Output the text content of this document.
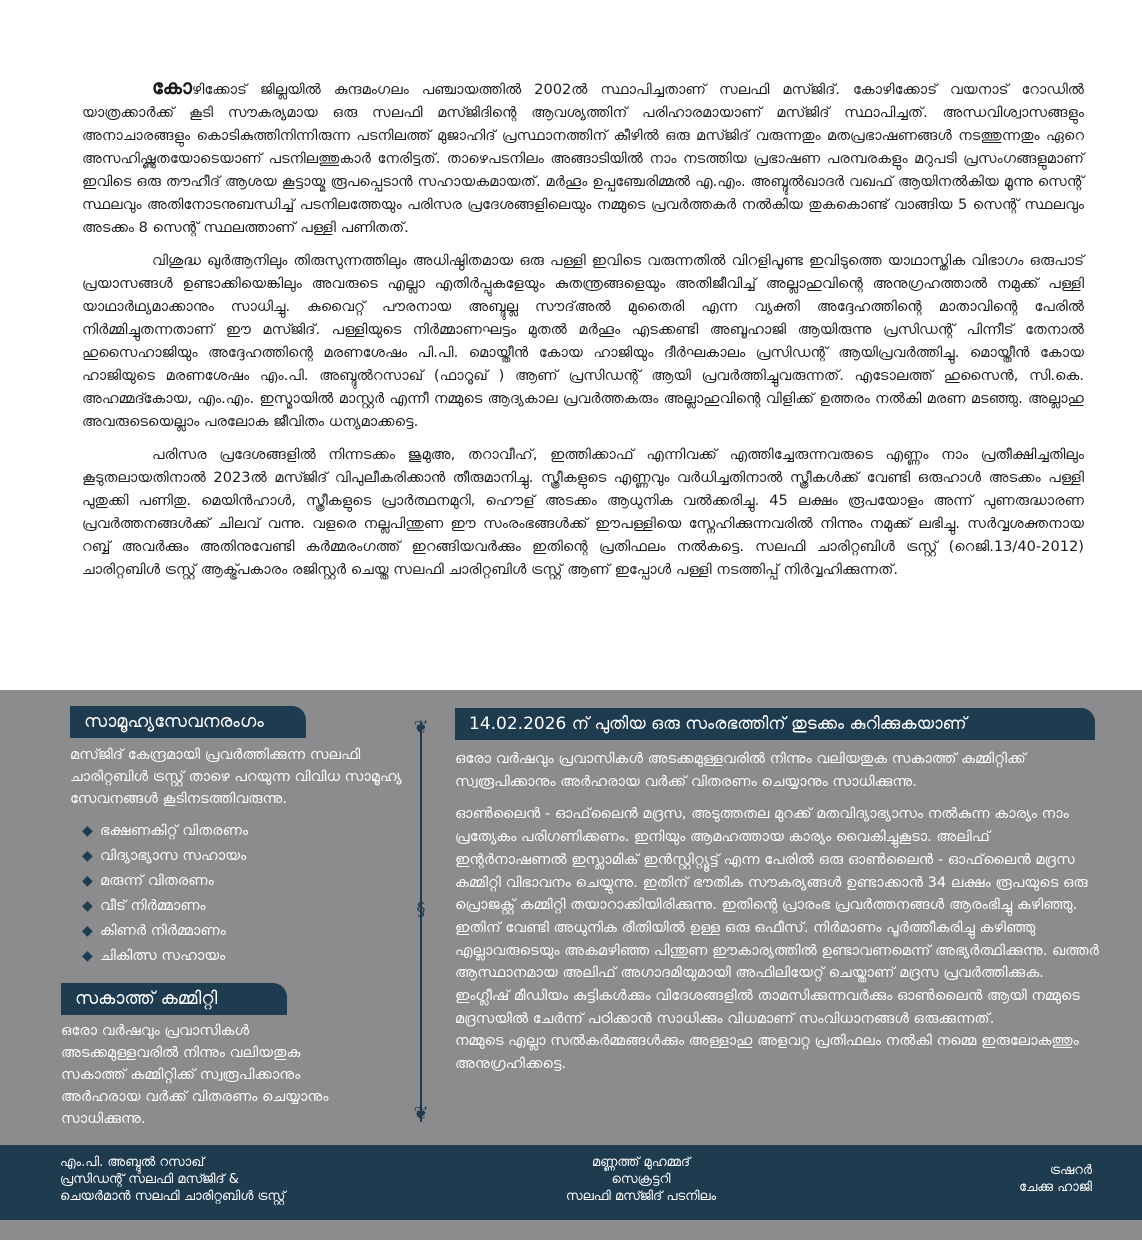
കോഴിക്കോട് ജില്ലയിൽ കുന്ദമംഗലം പഞ്ചായത്തിൽ 2002ൽ സ്ഥാപിച്ചതാണ് സലഫി മസ്ജിദ്. കോഴിക്കോട് വയനാട് റോഡിൽ യാത്രക്കാർക്ക് കൂടി സൗകര്യമായ ഒരു സലഫി മസ്ജിദിന്റെ ആവശ്യത്തിന് പരിഹാരമായാണ് മസ്ജിദ് സ്ഥാപിച്ചത്. അന്ധവിശ്വാസങ്ങളും അനാചാരങ്ങളും കൊടികുത്തിനിന്നിരുന്ന പടനിലത്ത് മുജാഹിദ് പ്രസ്ഥാനത്തിന് കീഴിൽ ഒരു മസ്ജിദ് വരുന്നതും മതപ്രഭാഷണങ്ങൾ നടത്തുന്നതും ഏറെ അസഹിഷ്ണുതയോടെയാണ് പടനിലത്തുകാർ നേരിട്ടത്. താഴെപടനിലം അങ്ങാടിയിൽ നാം നടത്തിയ പ്രഭാഷണ പരമ്പരകളും മറുപടി പ്രസംഗങ്ങളുമാണ് ഇവിടെ ഒരു തൗഹീദ് ആശയ കൂട്ടായ്മ രൂപപ്പെടാൻ സഹായകമായത്. മർഹൂം ഉപ്പഞ്ചേരിമ്മൽ എ.എം. അബ്ദുൽഖാദർ വഖഫ് ആയിനൽകിയ മൂന്നു സെന്റ് സ്ഥലവും അതിനോടനുബന്ധിച്ച് പടനിലത്തേയും പരിസര പ്രദേശങ്ങളിലെയും നമ്മുടെ പ്രവർത്തകർ നൽകിയ തുകകൊണ്ട് വാങ്ങിയ 5 സെന്റ് സ്ഥലവും അടക്കം 8 സെന്റ് സ്ഥലത്താണ് പള്ളി പണിതത്.

വിശുദ്ധ ഖുർആനിലും തിരുസുന്നത്തിലും അധിഷ്ഠിതമായ ഒരു പള്ളി ഇവിടെ വരുന്നതിൽ വിറളിപൂണ്ട ഇവിടുത്തെ യാഥാസ്തിക വിഭാഗം ഒരുപാട് പ്രയാസങ്ങൾ ഉണ്ടാക്കിയെങ്കിലും അവരുടെ എല്ലാ എതിർപ്പുകളേയും കുതന്ത്രങ്ങളെയും അതിജീവിച്ച് അല്ലാഹുവിന്റെ അനുഗ്രഹത്താൽ നമുക്ക് പള്ളി യാഥാർഥ്യമാക്കാനും സാധിച്ചു. കുവൈറ്റ് പൗരനായ അബ്ദുല്ല സൗദ്അൽ മുതൈരി എന്ന വ്യക്തി അദ്ദേഹത്തിന്റെ മാതാവിന്റെ പേരിൽ നിർമ്മിച്ചുതന്നതാണ് ഈ മസ്ജിദ്. പള്ളിയുടെ നിർമ്മാണഘട്ടം മുതൽ മർഹൂം എടക്കണ്ടി അബൂഹാജി ആയിരുന്നു പ്രസിഡന്റ് പിന്നീട് തേനാൽ ഹുസൈഹാജിയും അദ്ദേഹത്തിന്റെ മരണശേഷം പി.പി. മൊയ്തീൻ കോയ ഹാജിയും ദീർഘകാലം പ്രസിഡന്റ് ആയിപ്രവർത്തിച്ചു. മൊയ്തീൻ കോയ ഹാജിയുടെ മരണശേഷം എം.പി. അബ്ദുൽറസാഖ് (ഫാറൂഖ് ) ആണ് പ്രസിഡന്റ് ആയി പ്രവർത്തിച്ചുവരുന്നത്. എടോലത്ത് ഹുസൈൻ, സി.കെ. അഹമ്മദ്കോയ, എം.എം. ഇസ്മായിൽ മാസ്റ്റർ എന്നീ നമ്മുടെ ആദ്യകാല പ്രവർത്തകരും അല്ലാഹുവിന്റെ വിളിക്ക് ഉത്തരം നൽകി മരണ മടഞ്ഞു. അല്ലാഹു അവരുടെയെല്ലാം പരലോക ജീവിതം ധന്യമാക്കട്ടെ.

പരിസര പ്രദേശങ്ങളിൽ നിന്നടക്കം ജുമുഅ, തറാവീഹ്, ഇത്തിക്കാഫ് എന്നിവക്ക് എത്തിച്ചേരുന്നവരുടെ എണ്ണം നാം പ്രതീക്ഷിച്ചതിലും കൂടുതലായതിനാൽ 2023ൽ മസ്ജിദ് വിപുലീകരിക്കാൻ തീരുമാനിച്ചു. സ്ത്രീകളുടെ എണ്ണവും വർധിച്ചതിനാൽ സ്ത്രീകൾക്ക് വേണ്ടി ഒരുഹാൾ അടക്കം പള്ളി പുതുക്കി പണിതു. മെയിൻഹാൾ, സ്ത്രീകളുടെ പ്രാർത്ഥനമുറി, ഹൌള് അടക്കം ആധുനിക വൽക്കരിച്ചു. 45 ലക്ഷം രൂപയോളം അന്ന് പുണരുദ്ധാരണ പ്രവർത്തനങ്ങൾക്ക് ചിലവ് വന്നു. വളരെ നല്ലപിന്തുണ ഈ സംരംഭങ്ങൾക്ക് ഈപള്ളിയെ സ്നേഹിക്കുന്നവരിൽ നിന്നും നമുക്ക് ലഭിച്ചു. സർവ്വശക്തനായ റബ്ബ് അവർക്കും അതിനുവേണ്ടി കർമ്മരംഗത്ത് ഇറങ്ങിയവർക്കും ഇതിന്റെ പ്രതിഫലം നൽകട്ടെ. സലഫി ചാരിറ്റബിൾ ട്രസ്റ്റ് (റെജി.13/40-2012) ചാരിറ്റബിൾ ട്രസ്റ്റ് ആക്ട്പ്രകാരം രജിസ്റ്റർ ചെയ്ത സലഫി ചാരിറ്റബിൾ ട്രസ്റ്റ് ആണ് ഇപ്പോൾ പള്ളി നടത്തിപ്പ് നിർവ്വഹിക്കുന്നത്.

സാമൂഹ്യസേവനരംഗം
മസ്ജിദ് കേന്ദ്രമായി പ്രവർത്തിക്കുന്ന സലഫി ചാരിറ്റബിൾ ട്രസ്റ്റ് താഴെ പറയുന്ന വിവിധ സാമൂഹ്യ സേവനങ്ങൾ കൂടിനടത്തിവരുന്നു.
◆ ഭക്ഷണകിറ്റ് വിതരണം
◆ വിദ്യാഭ്യാസ സഹായം
◆ മരുന്ന് വിതരണം
◆ വീട് നിർമ്മാണം
◆ കിണർ നിർമ്മാണം
◆ ചികിത്സ സഹായം
സകാത്ത് കമ്മിറ്റി
ഒരോ വർഷവും പ്രവാസികൾ അടക്കമുള്ളവരിൽ നിന്നും വലിയതുക സകാത്ത് കമ്മിറ്റിക്ക് സ്വരൂപിക്കാനും അർഹരായ വർക്ക് വിതരണം ചെയ്യാനും സാധിക്കുന്നു.
❦
§
❦
14.02.2026 ന് പുതിയ ഒരു സംരഭത്തിന് തുടക്കം കുറിക്കുകയാണ്
ഒരോ വർഷവും പ്രവാസികൾ അടക്കമുള്ളവരിൽ നിന്നും വലിയതുക സകാത്ത് കമ്മിറ്റിക്ക് സ്വരൂപിക്കാനും അർഹരായ വർക്ക് വിതരണം ചെയ്യാനും സാധിക്കുന്നു.
ഓൺലൈൻ - ഓഫ്‌ലൈൻ മദ്രസ, അടുത്തതല മുറക്ക് മതവിദ്യാഭ്യാസം നൽകുന്ന കാര്യം നാം പ്രത്യേകം പരിഗണിക്കണം. ഇനിയും ആമഹത്തായ കാര്യം വൈകിച്ചുകൂടാ. അലിഫ് ഇന്റർനാഷണൽ ഇസ്ലാമിക് ഇൻസ്റ്റിറ്റ്യൂട്ട് എന്ന പേരിൽ ഒരു ഓൺലൈൻ - ഓഫ്‌ലൈൻ മദ്രസ കമ്മിറ്റി വിഭാവനം ചെയ്യുന്നു. ഇതിന് ഭൗതിക സൗകര്യങ്ങൾ ഉണ്ടാക്കാൻ 34 ലക്ഷം രൂപയുടെ ഒരു പ്രൊജക്റ്റ് കമ്മിറ്റി തയാറാക്കിയിരിക്കുന്നു. ഇതിന്റെ പ്രാരംഭ പ്രവർത്തനങ്ങൾ ആരംഭിച്ചു കഴിഞ്ഞു. ഇതിന് വേണ്ടി അധുനിക രീതിയിൽ ഉള്ള ഒരു ഒഫീസ്. നിർമാണം പൂർത്തീകരിച്ചു കഴിഞ്ഞു എല്ലാവരുടെയും അകമഴിഞ്ഞ പിന്തുണ ഈകാര്യത്തിൽ ഉണ്ടാവണമെന്ന് അഭ്യർത്ഥിക്കുന്നു. ഖത്തർ ആസ്ഥാനമായ അലിഫ് അഗാദമിയുമായി അഫിലിയേറ്റ് ചെയ്താണ് മദ്രസ പ്രവർത്തിക്കുക. ഇംഗ്ലീഷ് മീഡിയം കുട്ടികൾക്കും വിദേശങ്ങളിൽ താമസിക്കുന്നവർക്കും ഓൺലൈൻ ആയി നമ്മുടെ മദ്രസയിൽ ചേർന്ന് പഠിക്കാൻ സാധിക്കും വിധമാണ് സംവിധാനങ്ങൾ ഒരുക്കുന്നത്.
നമ്മുടെ എല്ലാ സൽകർമ്മങ്ങൾക്കും അള്ളാഹു അളവറ്റ പ്രതിഫലം നൽകി നമ്മെ ഇരുലോകത്തും അനുഗ്രഹിക്കട്ടെ.
എം.പി. അബ്ദുൽ റസാഖ്
പ്രസിഡന്റ് സലഫി മസ്ജിദ് &
ചെയർമാൻ സലഫി ചാരിറ്റബിൾ ട്രസ്റ്റ്
മണ്ണത്ത് മുഹമ്മദ്
സെക്രട്ടറി
സലഫി മസ്ജിദ് പടനിലം
ട്രഷറർ
ചേക്കു ഹാജി
